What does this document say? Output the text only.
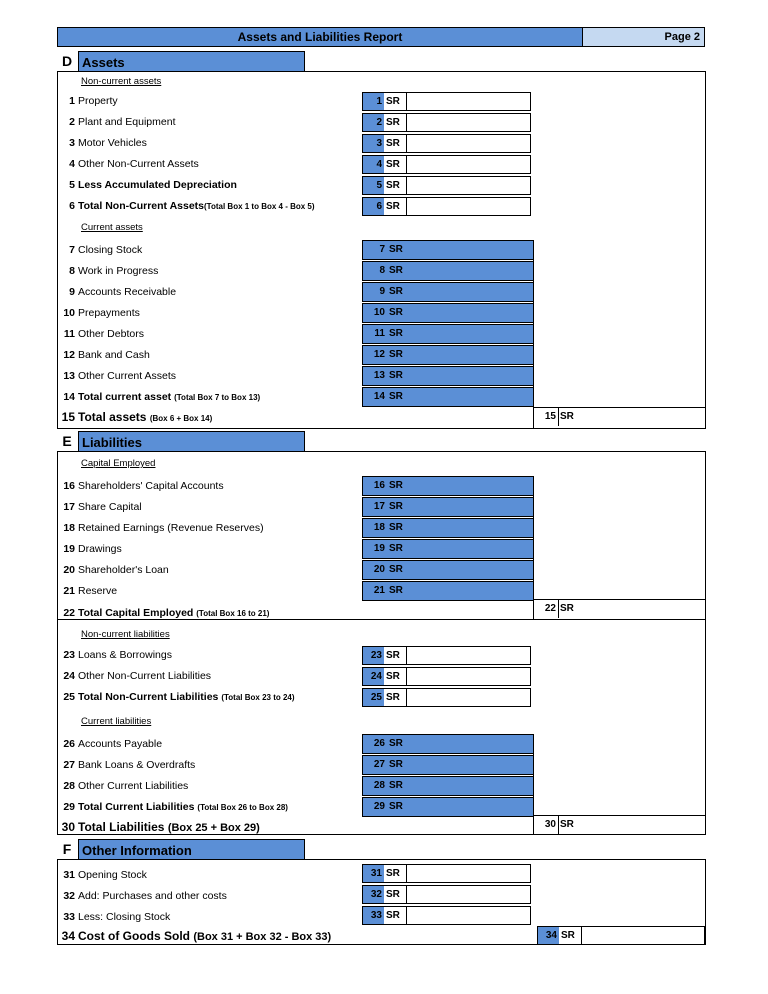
Assets and Liabilities Report	Page 2
D Assets
Non-current assets
1 Property
2 Plant and Equipment
3 Motor Vehicles
4 Other Non-Current Assets
5 Less Accumulated Depreciation
6 Total Non-Current Assets(Total Box 1 to Box 4 - Box 5)
1 SR
2 SR
3 SR
4 SR
5 SR
6 SR
Current assets
7 Closing Stock
8 Work in Progress
9 Accounts Receivable
10 Prepayments
11 Other Debtors
12 Bank and Cash
13 Other Current Assets
14 Total current asset (Total Box 7 to Box 13)
7 SR
8 SR
9 SR
10 SR
11 SR
12 SR
13 SR
14 SR
15 Total assets (Box 6 + Box 14)	15 SR
E Liabilities
Capital Employed
16 Shareholders' Capital Accounts
17 Share Capital
18 Retained Earnings (Revenue Reserves)
19 Drawings
20 Shareholder's Loan
21 Reserve
22 Total Capital Employed (Total Box 16 to 21)
16 SR
17 SR
18 SR
19 SR
20 SR
21 SR
22 SR
Non-current liabilities
23 Loans & Borrowings
24 Other Non-Current Liabilities
25 Total Non-Current Liabilities (Total Box 23 to 24)
23 SR
24 SR
25 SR
Current liabilities
26 Accounts Payable
27 Bank Loans & Overdrafts
28 Other Current Liabilities
29 Total Current Liabilities (Total Box 26 to Box 28)
30 Total Liabilities (Box 25 + Box 29)
26 SR
27 SR
28 SR
29 SR
30 SR
F Other Information
31 Opening Stock
32 Add: Purchases and other costs
33 Less: Closing Stock
34 Cost of Goods Sold (Box 31 + Box 32 - Box 33)
31 SR
32 SR
33 SR
34 SR
